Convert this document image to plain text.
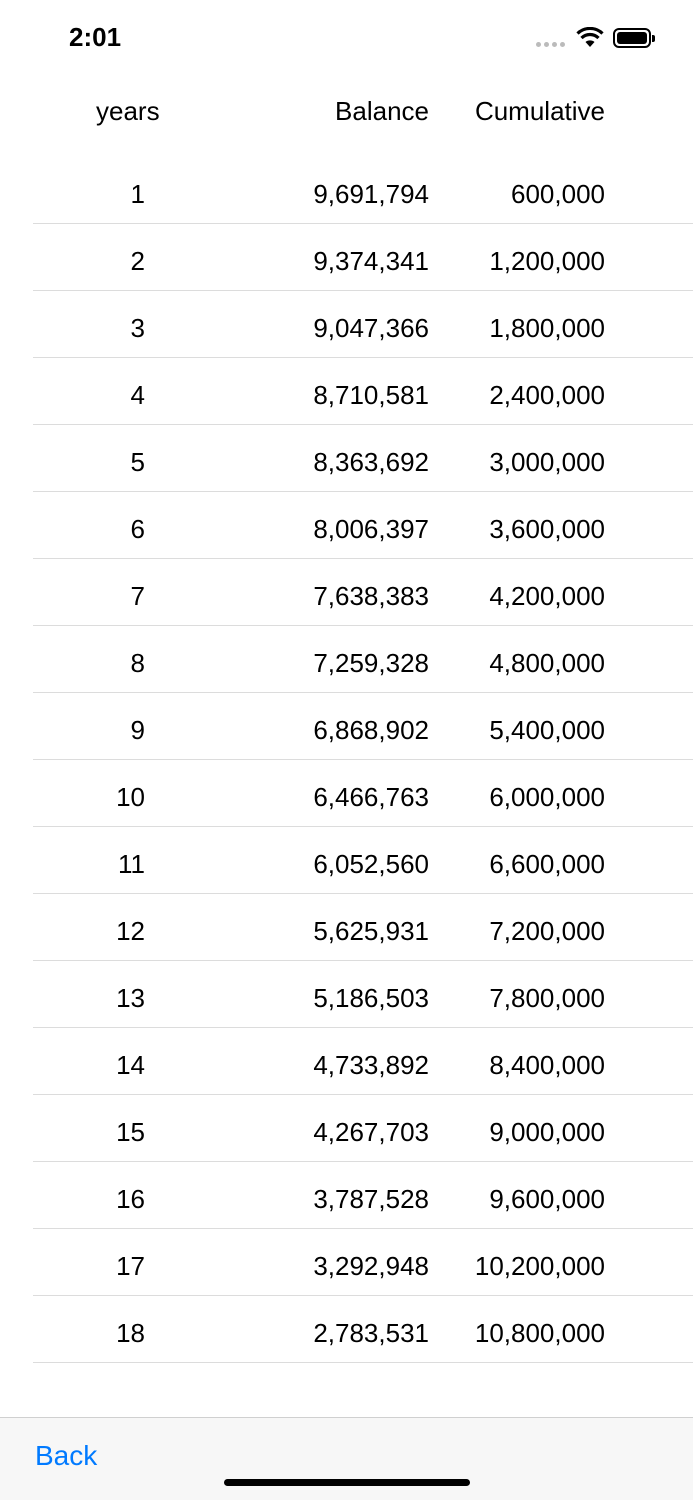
2:01
years	Balance Cumulative
1	9,691,794	600,000
2	9,374,341 1,200,000
3	9,047,366 1,800,000
4	8,710,581 2,400,000
5	8,363,692 3,000,000
6	8,006,397 3,600,000
7	7,638,383 4,200,000
8	7,259,328 4,800,000
9	6,868,902 5,400,000
10	6,466,763 6,000,000
11	6,052,560 6,600,000
12	5,625,931 7,200,000
13	5,186,503 7,800,000
14	4,733,892 8,400,000
15	4,267,703 9,000,000
16	3,787,528 9,600,000
17	3,292,948 10,200,000
18	2,783,531 10,800,000
Back
